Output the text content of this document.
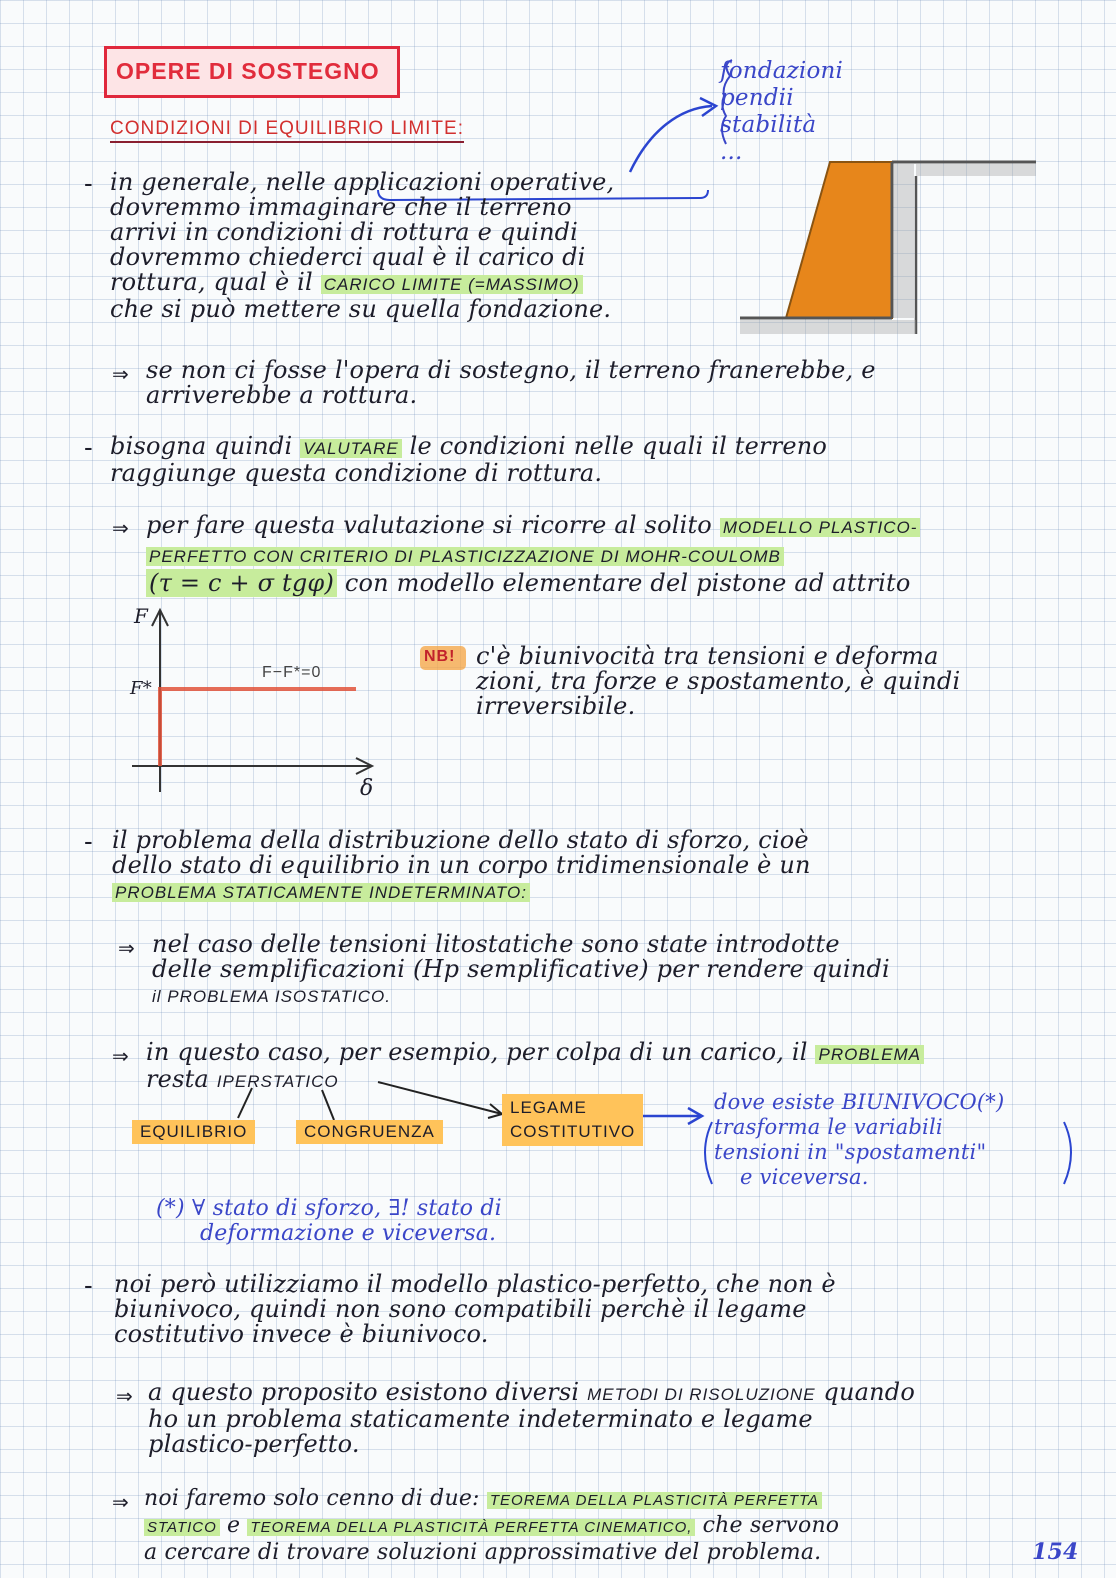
OPERE DI SOSTEGNO
CONDIZIONI DI EQUILIBRIO LIMITE:
fondazioni
pendii
stabilità
...
- in generale, nelle applicazioni operative,
dovremmo immaginare che il terreno
arrivi in condizioni di rottura e quindi
dovremmo chiederci qual è il carico di
rottura, qual è il CARICO LIMITE (=MASSIMO)
che si può mettere su quella fondazione.
⇒ se non ci fosse l'opera di sostegno, il terreno franerebbe, e
arriverebbe a rottura.
- bisogna quindi VALUTARE le condizioni nelle quali il terreno
raggiunge questa condizione di rottura.
⇒ per fare questa valutazione si ricorre al solito MODELLO PLASTICO-
PERFETTO CON CRITERIO DI PLASTICIZZAZIONE DI MOHR-COULOMB
(τ = c + σ tgφ) con modello elementare del pistone ad attrito
F
F*
F−F*=0
δ
NB! c'è biunivocità tra tensioni e deforma
zioni, tra forze e spostamento, è quindi
irreversibile.
- il problema della distribuzione dello stato di sforzo, cioè
dello stato di equilibrio in un corpo tridimensionale è un
PROBLEMA STATICAMENTE INDETERMINATO:
⇒ nel caso delle tensioni litostatiche sono state introdotte
delle semplificazioni (Hp semplificative) per rendere quindi
il PROBLEMA ISOSTATICO.
⇒ in questo caso, per esempio, per colpa di un carico, il PROBLEMA
resta IPERSTATICO
EQUILIBRIO	CONGRUENZA
LEGAME
COSTITUTIVO
dove esiste BIUNIVOCO(*)
trasforma le variabili
tensioni in "spostamenti"
e viceversa.
(*) ∀ stato di sforzo, ∃! stato di
deformazione e viceversa.
- noi però utilizziamo il modello plastico-perfetto, che non è
biunivoco, quindi non sono compatibili perchè il legame
costitutivo invece è biunivoco.
⇒ a questo proposito esistono diversi METODI DI RISOLUZIONE quando
ho un problema staticamente indeterminato e legame
plastico-perfetto.
⇒ noi faremo solo cenno di due: TEOREMA DELLA PLASTICITÀ PERFETTA
STATICO e TEOREMA DELLA PLASTICITÀ PERFETTA CINEMATICO, che servono
a cercare di trovare soluzioni approssimative del problema.	154
